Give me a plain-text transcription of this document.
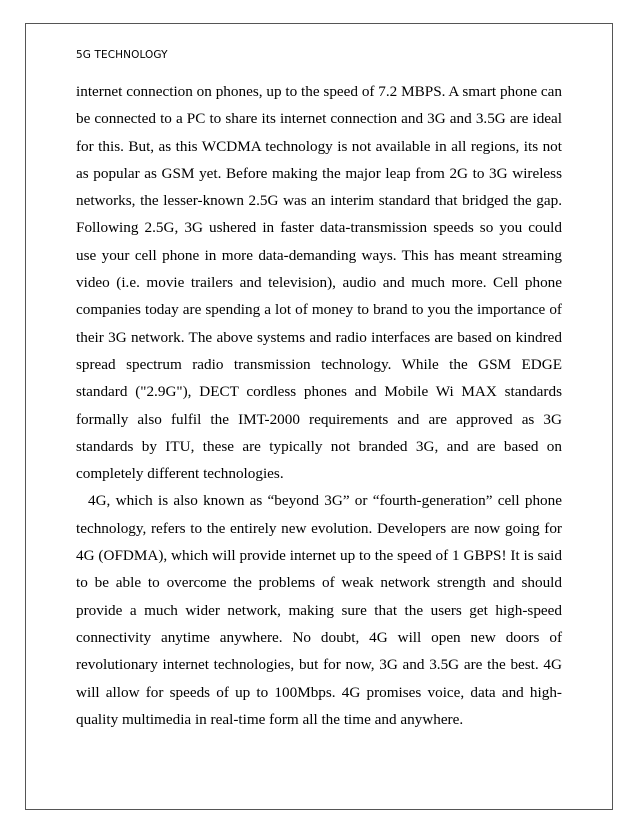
5G TECHNOLOGY

internet connection on phones, up to the speed of 7.2 MBPS. A smart phone can be connected to a PC to share its internet connection and 3G and 3.5G are ideal for this. But, as this WCDMA technology is not available in all regions, its not as popular as GSM yet. Before making the major leap from 2G to 3G wireless networks, the lesser-known 2.5G was an interim standard that bridged the gap. Following 2.5G, 3G ushered in faster data-transmission speeds so you could use your cell phone in more data-demanding ways. This has meant streaming video (i.e. movie trailers and television), audio and much more. Cell phone companies today are spending a lot of money to brand to you the importance of their 3G network. The above systems and radio interfaces are based on kindred spread spectrum radio transmission technology. While the GSM EDGE standard ("2.9G"), DECT cordless phones and Mobile Wi MAX standards formally also fulfil the IMT-2000 requirements and are approved as 3G standards by ITU, these are typically not branded 3G, and are based on completely different technologies.

4G, which is also known as “beyond 3G” or “fourth-generation” cell phone technology, refers to the entirely new evolution. Developers are now going for 4G (OFDMA), which will provide internet up to the speed of 1 GBPS! It is said to be able to overcome the problems of weak network strength and should provide a much wider network, making sure that the users get high-speed connectivity anytime anywhere. No doubt, 4G will open new doors of revolutionary internet technologies, but for now, 3G and 3.5G are the best. 4G will allow for speeds of up to 100Mbps. 4G promises voice, data and high-quality multimedia in real-time form all the time and anywhere.
